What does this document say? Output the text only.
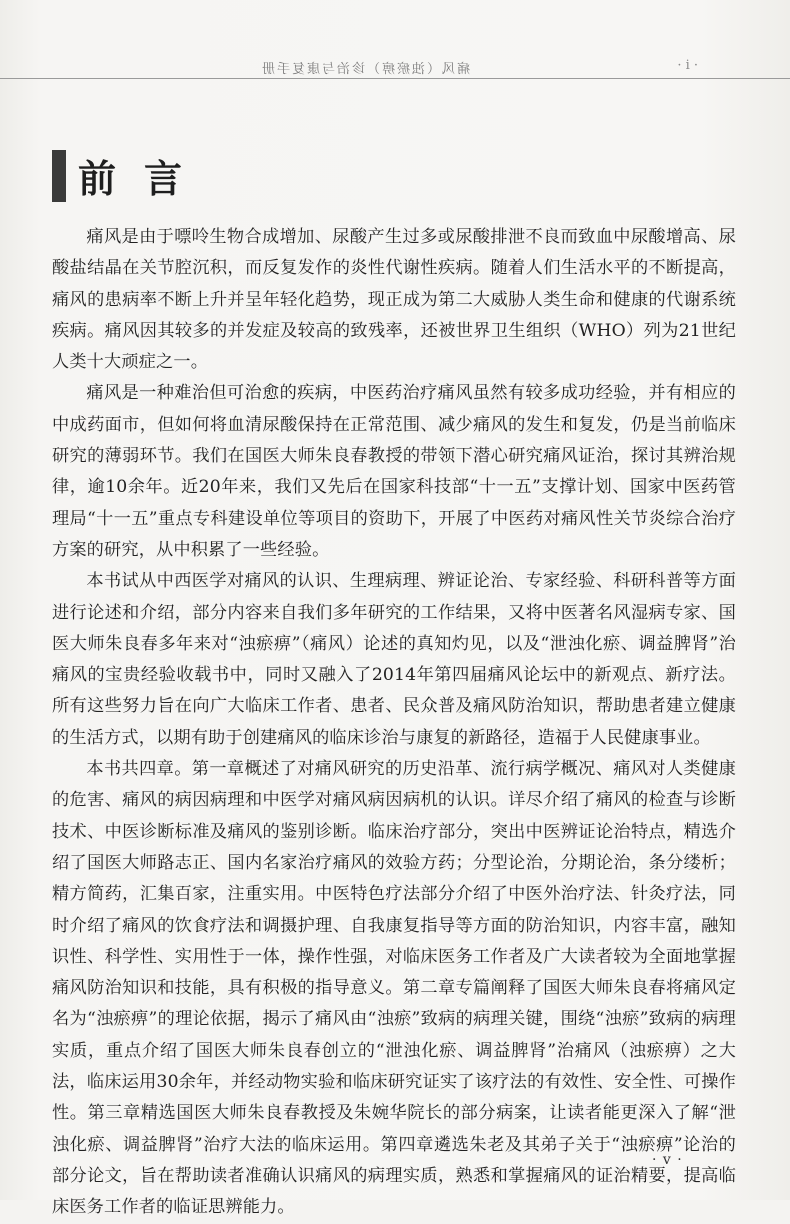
痛风（浊瘀痹）诊治与康复手册	· i ·
前言

痛风是由于嘌呤生物合成增加、尿酸产生过多或尿酸排泄不良而致血中尿酸增高、尿酸盐结晶在关节腔沉积，而反复发作的炎性代谢性疾病。随着人们生活水平的不断提高，痛风的患病率不断上升并呈年轻化趋势，现正成为第二大威胁人类生命和健康的代谢系统疾病。痛风因其较多的并发症及较高的致残率，还被世界卫生组织（WHO）列为21世纪人类十大顽症之一。

痛风是一种难治但可治愈的疾病，中医药治疗痛风虽然有较多成功经验，并有相应的中成药面市，但如何将血清尿酸保持在正常范围、减少痛风的发生和复发，仍是当前临床研究的薄弱环节。我们在国医大师朱良春教授的带领下潜心研究痛风证治，探讨其辨治规律，逾10余年。近20年来，我们又先后在国家科技部“十一五”支撑计划、国家中医药管理局“十一五”重点专科建设单位等项目的资助下，开展了中医药对痛风性关节炎综合治疗方案的研究，从中积累了一些经验。

本书试从中西医学对痛风的认识、生理病理、辨证论治、专家经验、科研科普等方面进行论述和介绍，部分内容来自我们多年研究的工作结果，又将中医著名风湿病专家、国医大师朱良春多年来对“浊瘀痹”（痛风）论述的真知灼见，以及“泄浊化瘀、调益脾肾”治痛风的宝贵经验收载书中，同时又融入了2014年第四届痛风论坛中的新观点、新疗法。所有这些努力旨在向广大临床工作者、患者、民众普及痛风防治知识，帮助患者建立健康的生活方式，以期有助于创建痛风的临床诊治与康复的新路径，造福于人民健康事业。

本书共四章。第一章概述了对痛风研究的历史沿革、流行病学概况、痛风对人类健康的危害、痛风的病因病理和中医学对痛风病因病机的认识。详尽介绍了痛风的检查与诊断技术、中医诊断标准及痛风的鉴别诊断。临床治疗部分，突出中医辨证论治特点，精选介绍了国医大师路志正、国内名家治疗痛风的效验方药；分型论治，分期论治，条分缕析；精方简药，汇集百家，注重实用。中医特色疗法部分介绍了中医外治疗法、针灸疗法，同时介绍了痛风的饮食疗法和调摄护理、自我康复指导等方面的防治知识，内容丰富，融知识性、科学性、实用性于一体，操作性强，对临床医务工作者及广大读者较为全面地掌握痛风防治知识和技能，具有积极的指导意义。第二章专篇阐释了国医大师朱良春将痛风定名为“浊瘀痹”的理论依据，揭示了痛风由“浊瘀”致病的病理关键，围绕“浊瘀”致病的病理实质，重点介绍了国医大师朱良春创立的“泄浊化瘀、调益脾肾”治痛风（浊瘀痹）之大法，临床运用30余年，并经动物实验和临床研究证实了该疗法的有效性、安全性、可操作性。第三章精选国医大师朱良春教授及朱婉华院长的部分病案，让读者能更深入了解“泄浊化瘀、调益脾肾”治疗大法的临床运用。第四章遴选朱老及其弟子关于“浊瘀痹”论治的部分论文，旨在帮助读者准确认识痛风的病理实质，熟悉和掌握痛风的证治精要，提高临床医务工作者的临证思辨能力。

· v ·
